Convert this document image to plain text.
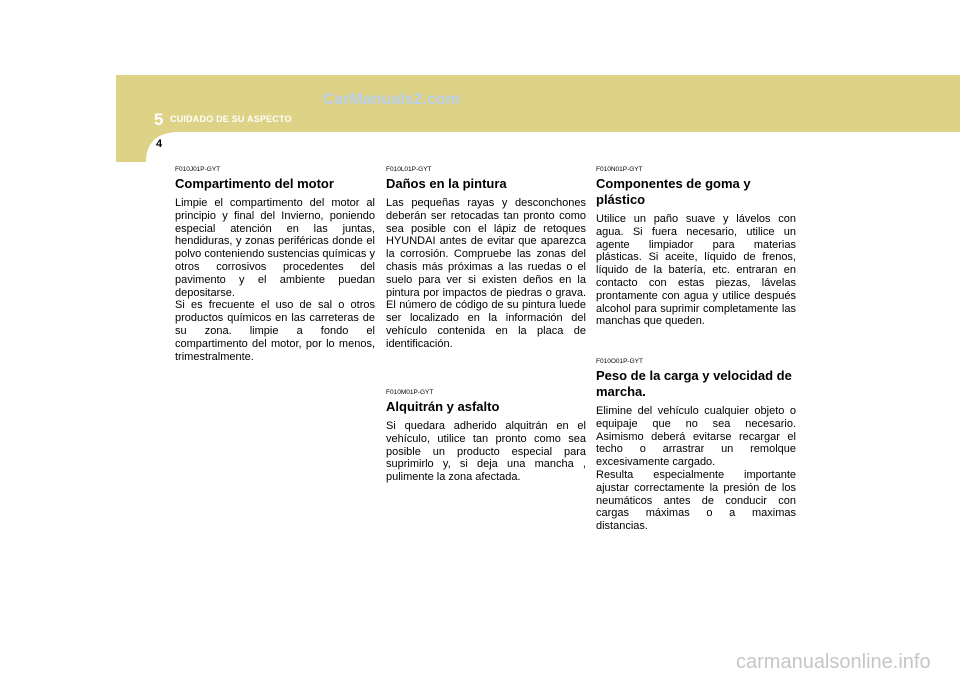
5 CUIDADO DE SU ASPECTO
4
CarManuals2.com
F010J01P-GYT
Compartimento del motor

Limpie el compartimento del motor al principio y final del Invierno, poniendo especial atención en las juntas, hendiduras, y zonas periféricas donde el polvo conteniendo sustencias químicas y otros corrosivos procedentes del pavimento y el ambiente puedan depositarse.
Si es frecuente el uso de sal o otros productos químicos en las carreteras de su zona. limpie a fondo el compartimento del motor, por lo menos, trimestralmente.

F010L01P-GYT
Daños en la pintura

Las pequeñas rayas y desconchones deberán ser retocadas tan pronto como sea posible con el lápiz de retoques HYUNDAI antes de evitar que aparezca la corrosión. Compruebe las zonas del chasis más próximas a las ruedas o el suelo para ver si existen deños en la pintura por impactos de piedras o grava. El número de código de su pintura luede ser localizado en la información del vehículo contenida en la placa de identificación.

F010M01P-GYT
Alquitrán y asfalto

Si quedara adherido alquitrán en el vehículo, utilice tan pronto como sea posible un producto especial para suprimirlo y, si deja una mancha , pulimente la zona afectada.

F010N01P-GYT
Componentes de goma y plástico

Utilice un paño suave y lávelos con agua. Si fuera necesario, utilice un agente limpiador para materias plásticas. Si aceite, líquido de frenos, líquido de la batería, etc. entraran en contacto con estas piezas, lávelas prontamente con agua y utilice después alcohol para suprimir completamente las manchas que queden.

F010O01P-GYT
Peso de la carga y velocidad de marcha.

Elimine del vehículo cualquier objeto o equipaje que no sea necesario. Asimismo deberá evitarse recargar el techo o arrastrar un remolque excesivamente cargado.
Resulta especialmente importante ajustar correctamente la presión de los neumáticos antes de conducir con cargas máximas o a maximas distancias.

carmanualsonline.info
